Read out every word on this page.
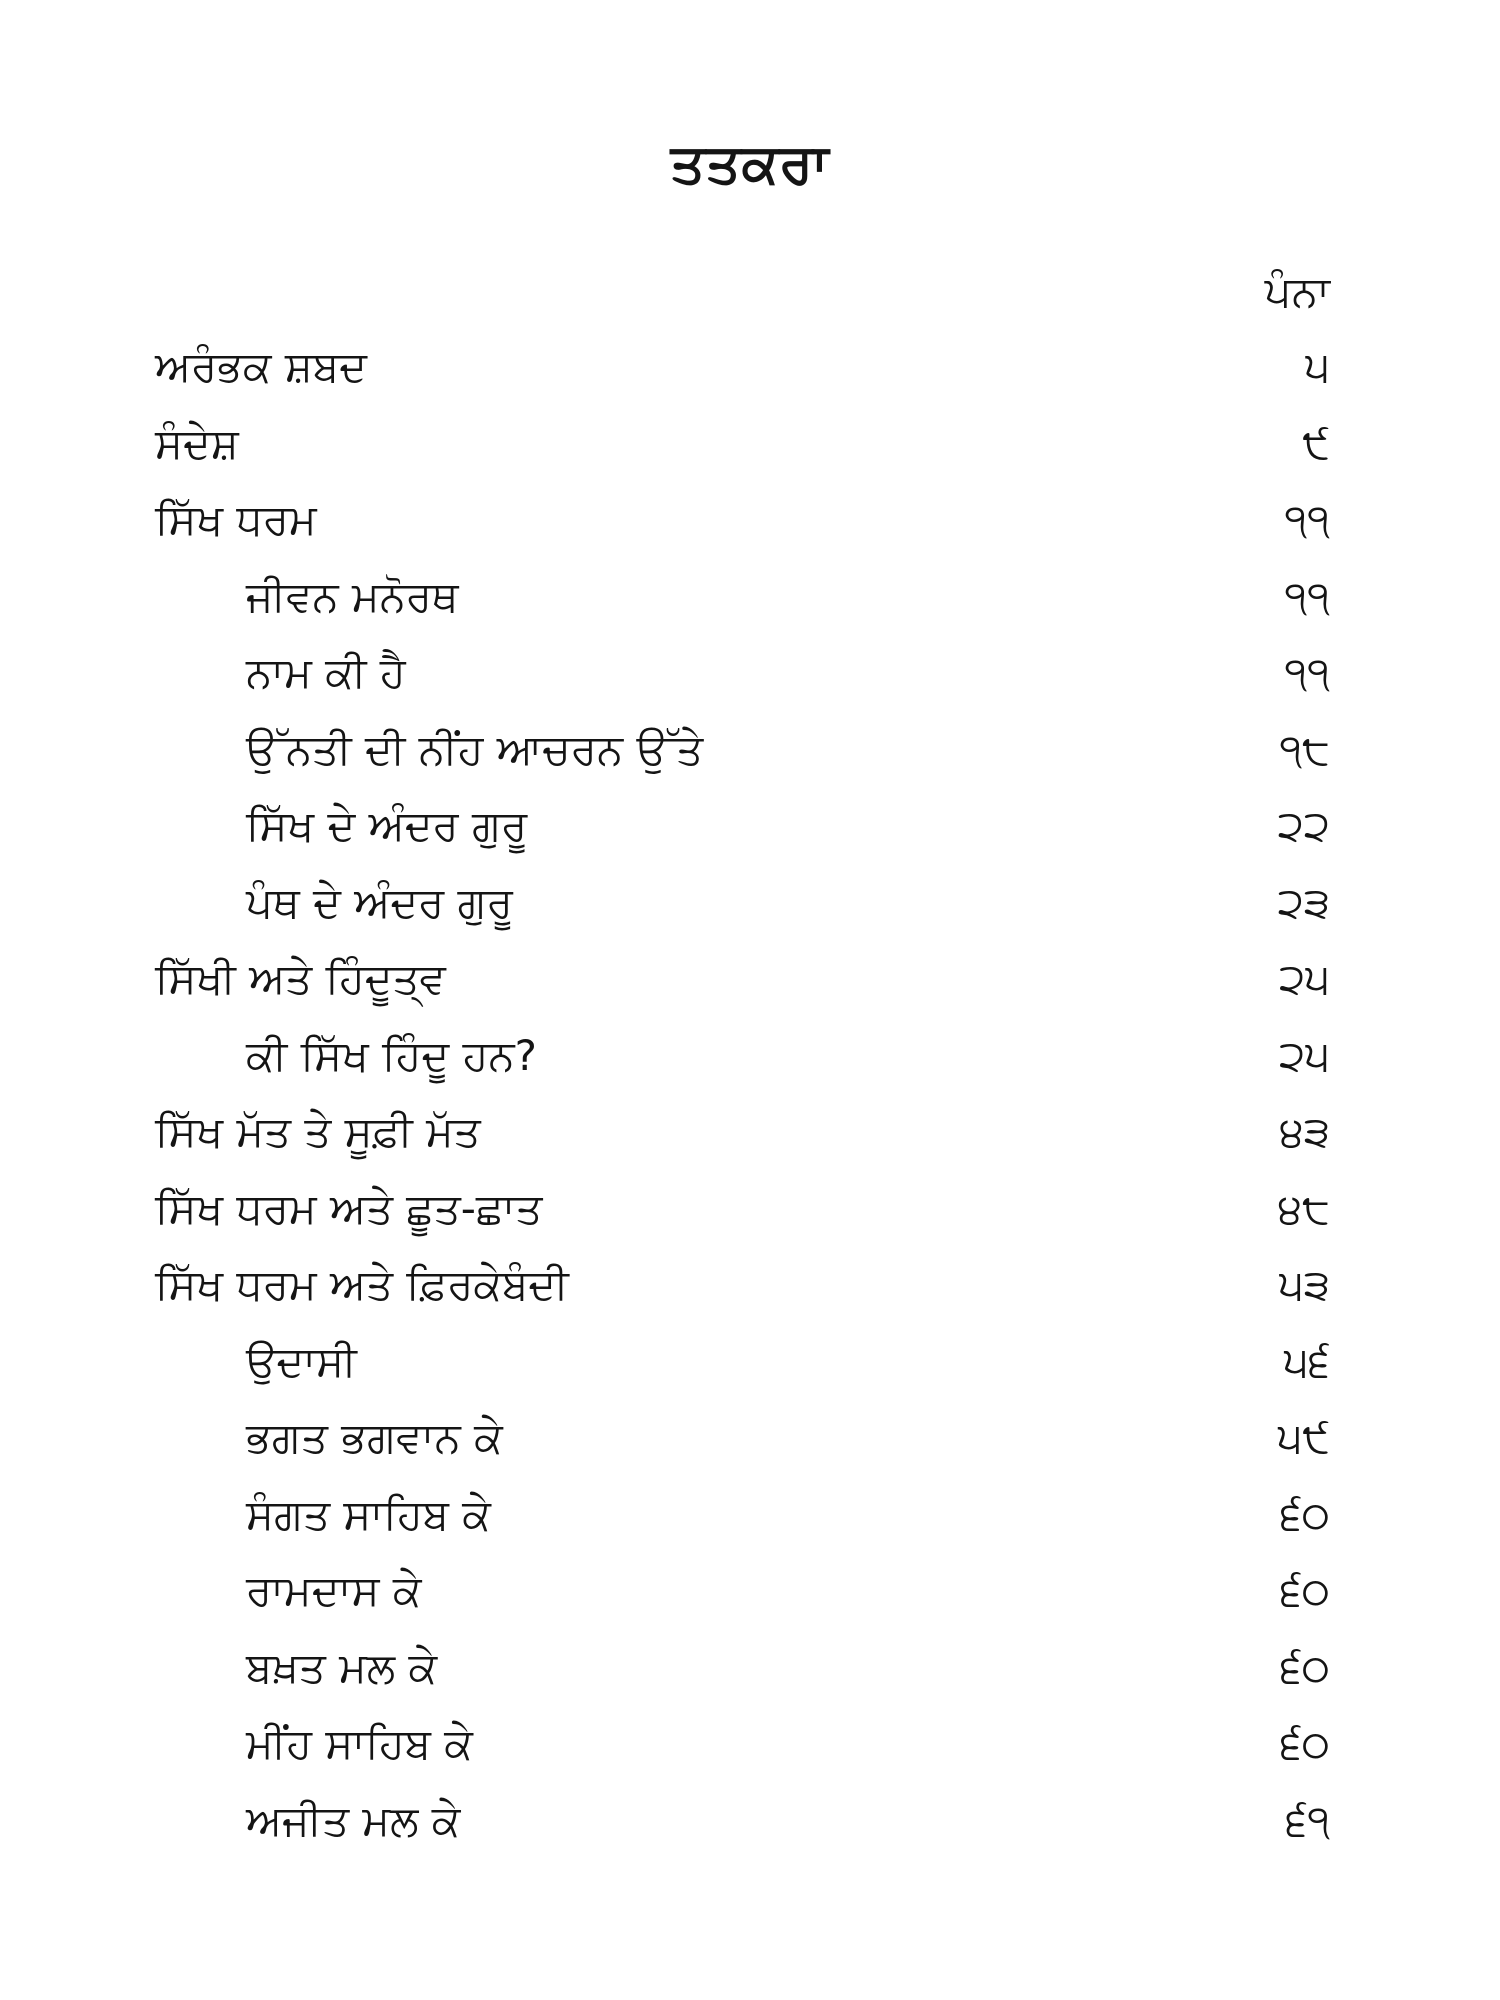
ਤਤਕਰਾ
ਪੰਨਾ
ਅਰੰਭਕ ਸ਼ਬਦ	੫
ਸੰਦੇਸ਼	੯
ਸਿੱਖ ਧਰਮ	੧੧
ਜੀਵਨ ਮਨੋਰਥ	੧੧
ਨਾਮ ਕੀ ਹੈ	੧੧
ਉੱਨਤੀ ਦੀ ਨੀਂਹ ਆਚਰਨ ਉੱਤੇ	੧੮
ਸਿੱਖ ਦੇ ਅੰਦਰ ਗੁਰੂ	੨੨
ਪੰਥ ਦੇ ਅੰਦਰ ਗੁਰੂ	੨੩
ਸਿੱਖੀ ਅਤੇ ਹਿੰਦੂਤ੍ਵ	੨੫
ਕੀ ਸਿੱਖ ਹਿੰਦੂ ਹਨ?	੨੫
ਸਿੱਖ ਮੱਤ ਤੇ ਸੂਫ਼ੀ ਮੱਤ	੪੩
ਸਿੱਖ ਧਰਮ ਅਤੇ ਛੂਤ-ਛਾਤ	੪੮
ਸਿੱਖ ਧਰਮ ਅਤੇ ਫ਼ਿਰਕੇਬੰਦੀ	੫੩
ਉਦਾਸੀ	੫੬
ਭਗਤ ਭਗਵਾਨ ਕੇ	੫੯
ਸੰਗਤ ਸਾਹਿਬ ਕੇ	੬੦
ਰਾਮਦਾਸ ਕੇ	੬੦
ਬਖ਼ਤ ਮਲ ਕੇ	੬੦
ਮੀਂਹ ਸਾਹਿਬ ਕੇ	੬੦
ਅਜੀਤ ਮਲ ਕੇ	੬੧
